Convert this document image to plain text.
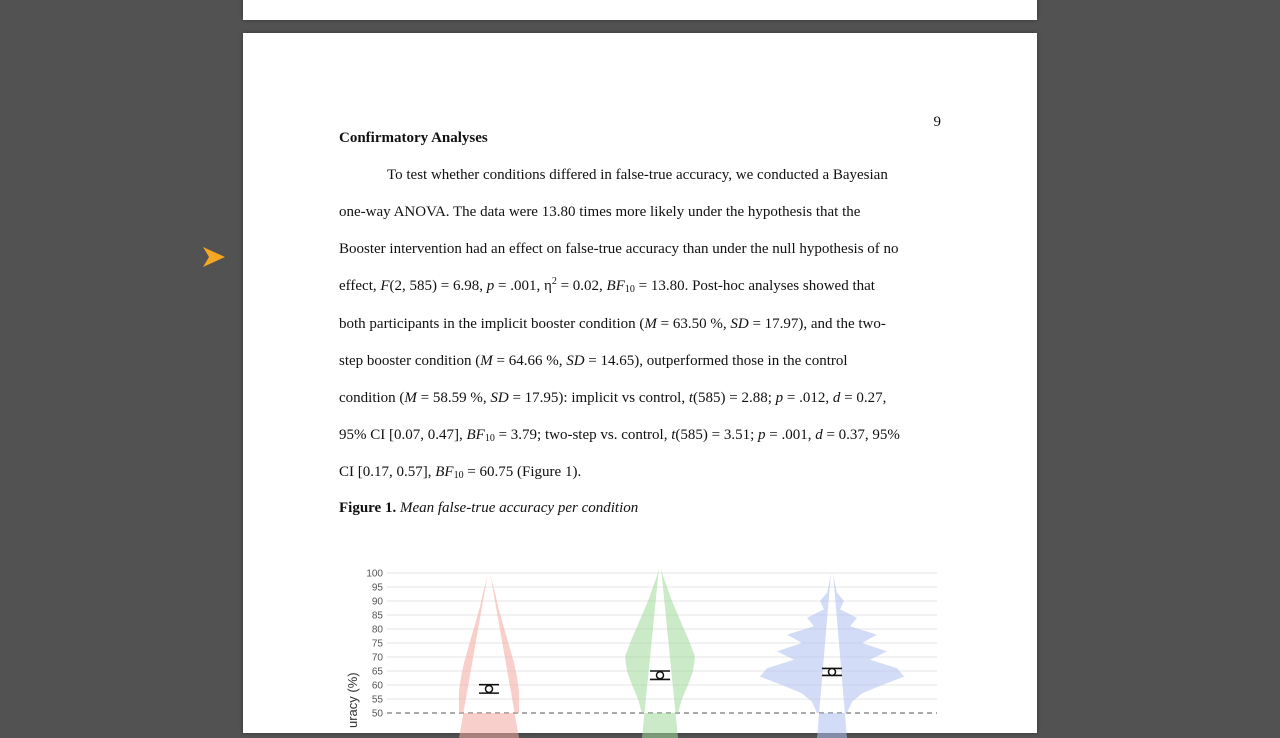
9
Confirmatory Analyses
To test whether conditions differed in false-true accuracy, we conducted a Bayesian
one-way ANOVA. The data were 13.80 times more likely under the hypothesis that the
Booster intervention had an effect on false-true accuracy than under the null hypothesis of no
effect, F(2, 585) = 6.98, p = .001, $\eta^2 = 0.02$, $BF_{10} = 13.80$. Post-hoc analyses showed that
both participants in the implicit booster condition (M = 63.50 %, SD = 17.97), and the two-
step booster condition (M = 64.66 %, SD = 14.65), outperformed those in the control
condition (M = 58.59 %, SD = 17.95): implicit vs control, t(585) = 2.88; p = .012, d = 0.27,
95% CI [0.07, 0.47], $BF_{10} = 3.79$; two-step vs. control, t(585) = 3.51; p = .001, d = 0.37, 95%
CI [0.17, 0.57], $BF_{10} = 60.75$ (Figure 1).
Figure 1. Mean false-true accuracy per condition
50
55
60
65
70
75
80
85
90
95
100
uracy (%)
